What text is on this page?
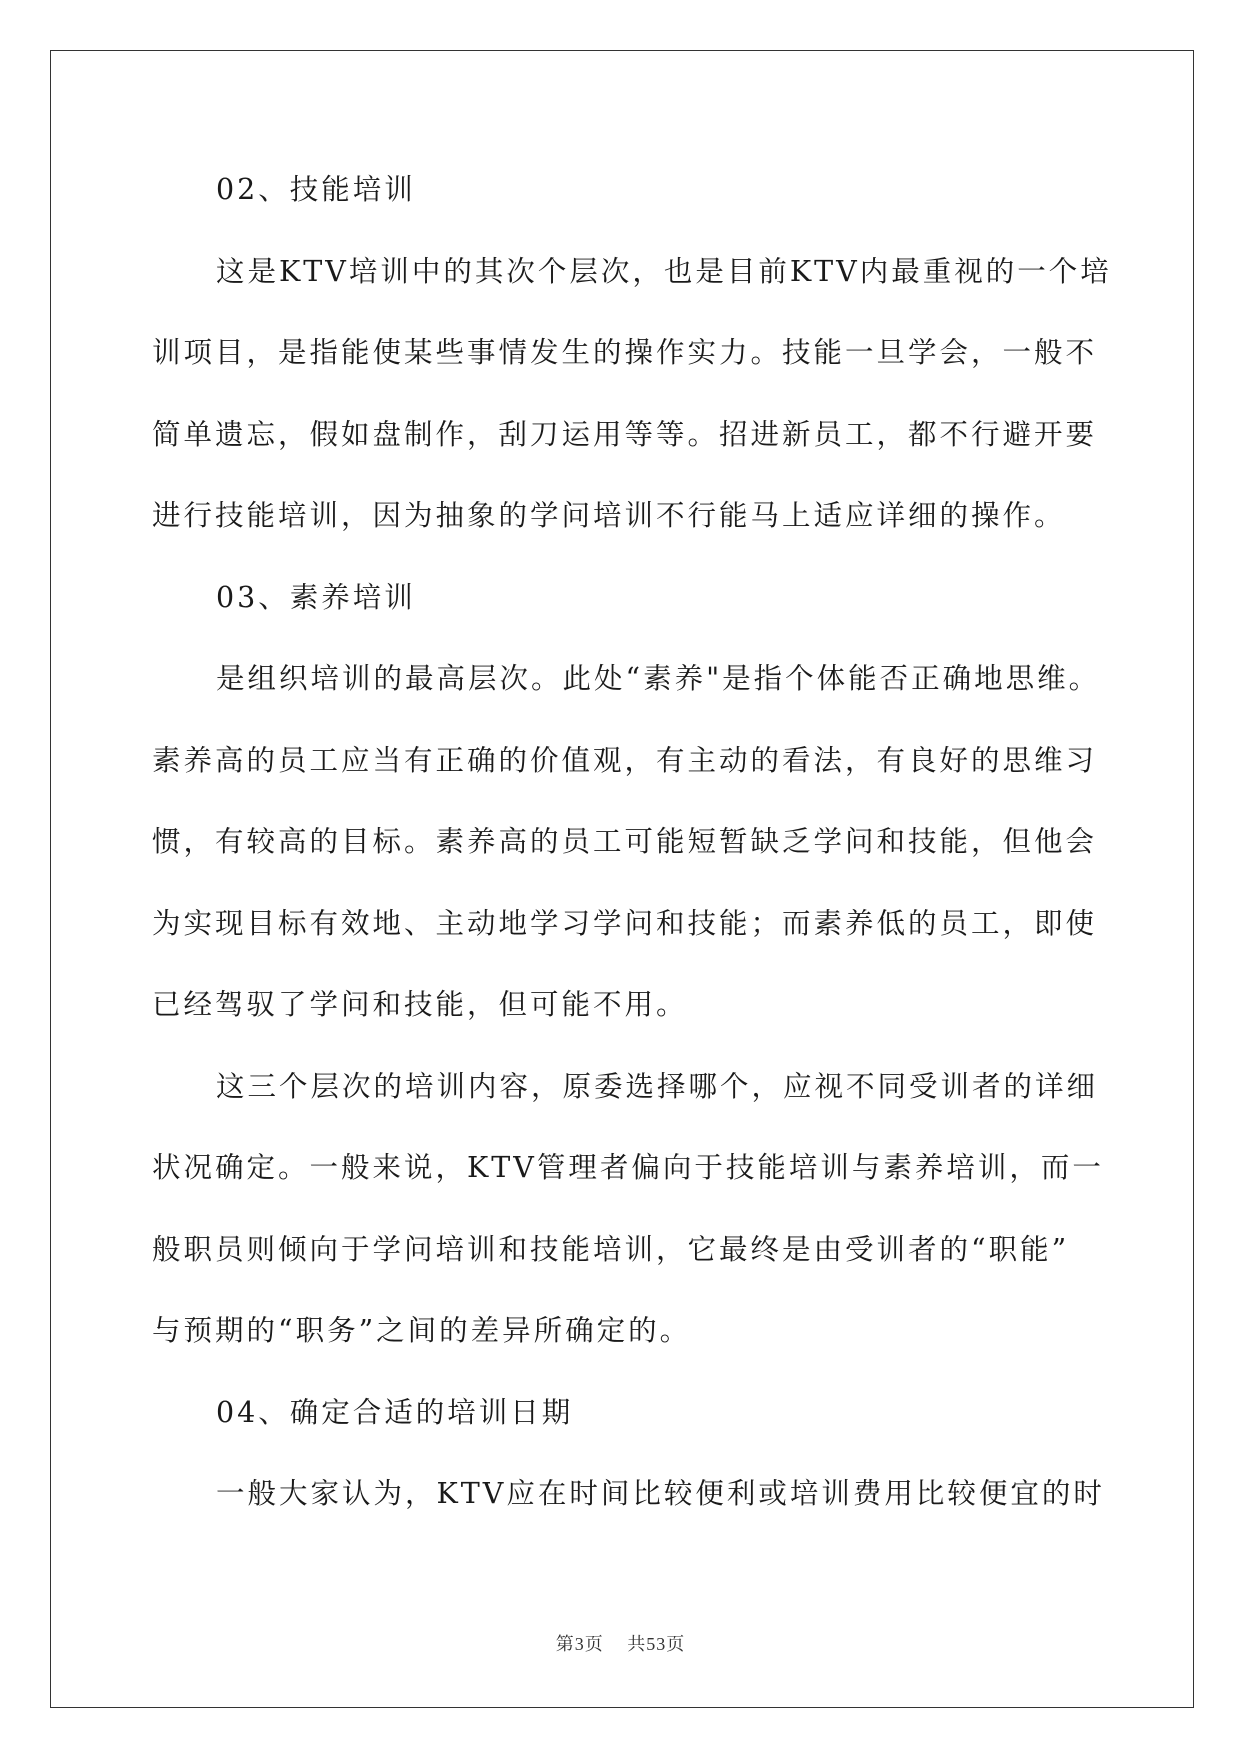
02、技能培训
这是KTV培训中的其次个层次，也是目前KTV内最重视的一个培
训项目，是指能使某些事情发生的操作实力。技能一旦学会，一般不
简单遗忘，假如盘制作，刮刀运用等等。招进新员工，都不行避开要
进行技能培训，因为抽象的学问培训不行能马上适应详细的操作。
03、素养培训
是组织培训的最高层次。此处“素养"是指个体能否正确地思维。
素养高的员工应当有正确的价值观，有主动的看法，有良好的思维习
惯，有较高的目标。素养高的员工可能短暂缺乏学问和技能，但他会
为实现目标有效地、主动地学习学问和技能；而素养低的员工，即使
已经驾驭了学问和技能，但可能不用。
这三个层次的培训内容，原委选择哪个，应视不同受训者的详细
状况确定。一般来说，KTV管理者偏向于技能培训与素养培训，而一
般职员则倾向于学问培训和技能培训，它最终是由受训者的“职能”
与预期的“职务”之间的差异所确定的。
04、确定合适的培训日期
一般大家认为，KTV应在时间比较便利或培训费用比较便宜的时
第3页 共53页
